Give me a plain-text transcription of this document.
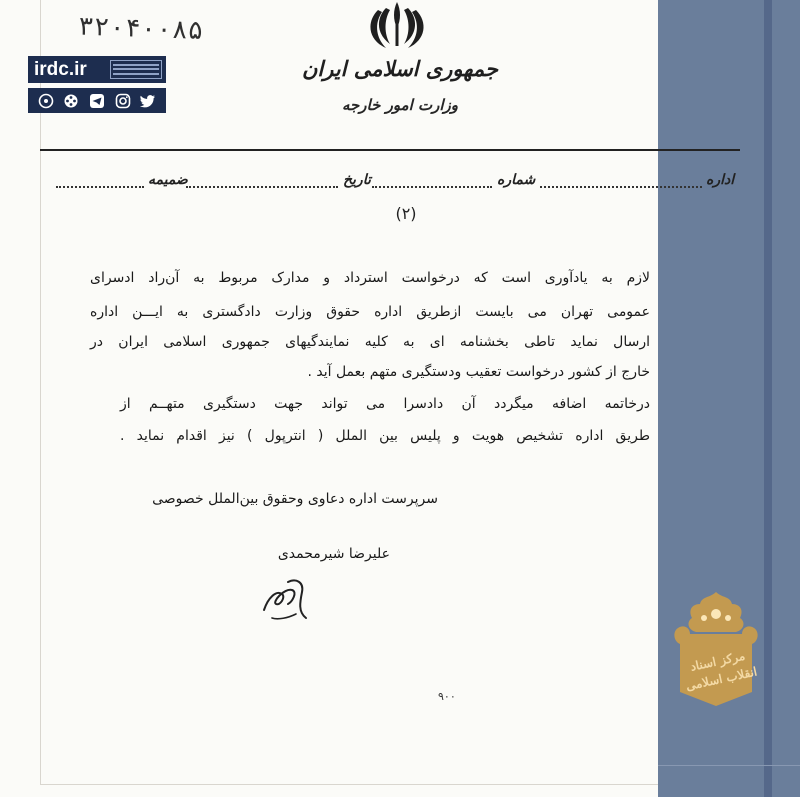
۳۲۰۴۰۰۸۵
جمهوری اسلامی ایران
وزارت امور خارجه
irdc.ir
اداره
شماره
تاریخ
ضمیمه
(۲)
لازم به یادآوری است که درخواست استرداد و مدارک مربوط به آن‌راد ادسرای
عمومی تهران می بایست ازطریق اداره حقوق وزارت دادگستری به ایـــن اداره
ارسال نماید تاطی بخشنامه ای به کلیه نمایندگیهای جمهوری اسلامی ایران در
خارج از کشور درخواست تعقیب ودستگیری متهم بعمل آید .
درخاتمه اضافه میگردد آن دادسرا می تواند جهت دستگیری متهــم از
طریق اداره تشخیص هویت و پلیس بین الملل ( انترپول ) نیز اقدام نماید .
سرپرست اداره دعاوی وحقوق بین‌الملل خصوصی
علیرضا شیرمحمدی
۹۰۰
مرکز اسناد انقلاب اسلامی
